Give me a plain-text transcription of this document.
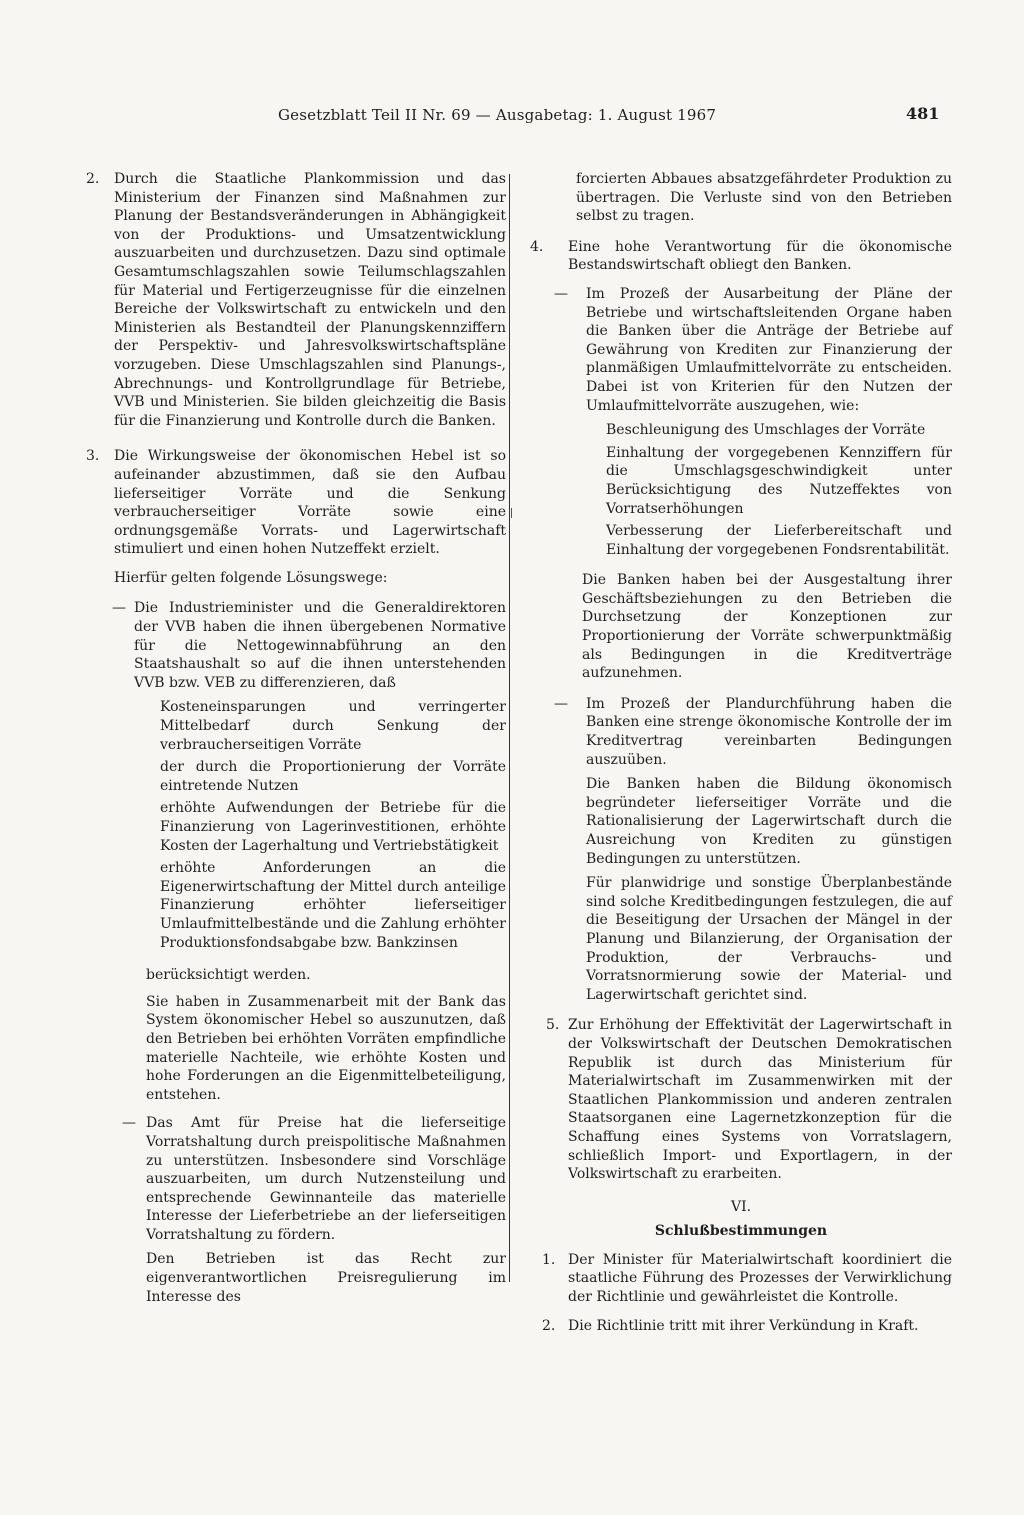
Gesetzblatt Teil II Nr. 69 — Ausgabetag: 1. August 1967	481
2. Durch die Staatliche Plankommission und das Ministerium der Finanzen sind Maßnahmen zur Planung der Bestandsveränderungen in Abhängigkeit von der Produktions- und Umsatzentwicklung auszuarbeiten und durchzusetzen. Dazu sind optimale Gesamtumschlagszahlen sowie Teilumschlagszahlen für Material und Fertigerzeugnisse für die einzelnen Bereiche der Volkswirtschaft zu entwickeln und den Ministerien als Bestandteil der Planungskennziffern der Perspektiv- und Jahresvolkswirtschaftspläne vorzugeben. Diese Umschlagszahlen sind Planungs-, Abrechnungs- und Kontrollgrundlage für Betriebe, VVB und Ministerien. Sie bilden gleichzeitig die Basis für die Finanzierung und Kontrolle durch die Banken.

3. Die Wirkungsweise der ökonomischen Hebel ist so aufeinander abzustimmen, daß sie den Aufbau lieferseitiger Vorräte und die Senkung verbraucherseitiger Vorräte sowie eine ordnungsgemäße Vorrats- und Lagerwirtschaft stimuliert und einen hohen Nutzeffekt erzielt.

Hierfür gelten folgende Lösungswege:

— Die Industrieminister und die Generaldirektoren der VVB haben die ihnen übergebenen Normative für die Nettogewinnabführung an den Staatshaushalt so auf die ihnen unterstehenden VVB bzw. VEB zu differenzieren, daß

Kosteneinsparungen und verringerter Mittelbedarf durch Senkung der verbraucherseitigen Vorräte

der durch die Proportionierung der Vorräte eintretende Nutzen

erhöhte Aufwendungen der Betriebe für die Finanzierung von Lagerinvestitionen, erhöhte Kosten der Lagerhaltung und Vertriebstätigkeit

erhöhte Anforderungen an die Eigenerwirtschaftung der Mittel durch anteilige Finanzierung erhöhter lieferseitiger Umlaufmittelbestände und die Zahlung erhöhter Produktionsfondsabgabe bzw. Bankzinsen

berücksichtigt werden.

Sie haben in Zusammenarbeit mit der Bank das System ökonomischer Hebel so auszunutzen, daß den Betrieben bei erhöhten Vorräten empfindliche materielle Nachteile, wie erhöhte Kosten und hohe Forderungen an die Eigenmittelbeteiligung, entstehen.

— Das Amt für Preise hat die lieferseitige Vorratshaltung durch preispolitische Maßnahmen zu unterstützen. Insbesondere sind Vorschläge auszuarbeiten, um durch Nutzensteilung und entsprechende Gewinnanteile das materielle Interesse der Lieferbetriebe an der lieferseitigen Vorratshaltung zu fördern.

Den Betrieben ist das Recht zur eigenverantwortlichen Preisregulierung im Interesse des

forcierten Abbaues absatzgefährdeter Produktion zu übertragen. Die Verluste sind von den Betrieben selbst zu tragen.

4. Eine hohe Verantwortung für die ökonomische Bestandswirtschaft obliegt den Banken.

— Im Prozeß der Ausarbeitung der Pläne der Betriebe und wirtschaftsleitenden Organe haben die Banken über die Anträge der Betriebe auf Gewährung von Krediten zur Finanzierung der planmäßigen Umlaufmittelvorräte zu entscheiden. Dabei ist von Kriterien für den Nutzen der Umlaufmittelvorräte auszugehen, wie:

Beschleunigung des Umschlages der Vorräte

Einhaltung der vorgegebenen Kennziffern für die Umschlagsgeschwindigkeit unter Berücksichtigung des Nutzeffektes von Vorratserhöhungen

Verbesserung der Lieferbereitschaft und Einhaltung der vorgegebenen Fondsrentabilität.

Die Banken haben bei der Ausgestaltung ihrer Geschäftsbeziehungen zu den Betrieben die Durchsetzung der Konzeptionen zur Proportionierung der Vorräte schwerpunktmäßig als Bedingungen in die Kreditverträge aufzunehmen.

— Im Prozeß der Plandurchführung haben die Banken eine strenge ökonomische Kontrolle der im Kreditvertrag vereinbarten Bedingungen auszuüben.

Die Banken haben die Bildung ökonomisch begründeter lieferseitiger Vorräte und die Rationalisierung der Lagerwirtschaft durch die Ausreichung von Krediten zu günstigen Bedingungen zu unterstützen.

Für planwidrige und sonstige Überplanbestände sind solche Kreditbedingungen festzulegen, die auf die Beseitigung der Ursachen der Mängel in der Planung und Bilanzierung, der Organisation der Produktion, der Verbrauchs- und Vorratsnormierung sowie der Material- und Lagerwirtschaft gerichtet sind.

5. Zur Erhöhung der Effektivität der Lagerwirtschaft in der Volkswirtschaft der Deutschen Demokratischen Republik ist durch das Ministerium für Materialwirtschaft im Zusammenwirken mit der Staatlichen Plankommission und anderen zentralen Staatsorganen eine Lagernetzkonzeption für die Schaffung eines Systems von Vorratslagern, schließlich Import- und Exportlagern, in der Volkswirtschaft zu erarbeiten.

VI.

Schlußbestimmungen

1. Der Minister für Materialwirtschaft koordiniert die staatliche Führung des Prozesses der Verwirklichung der Richtlinie und gewährleistet die Kontrolle.

2. Die Richtlinie tritt mit ihrer Verkündung in Kraft.
